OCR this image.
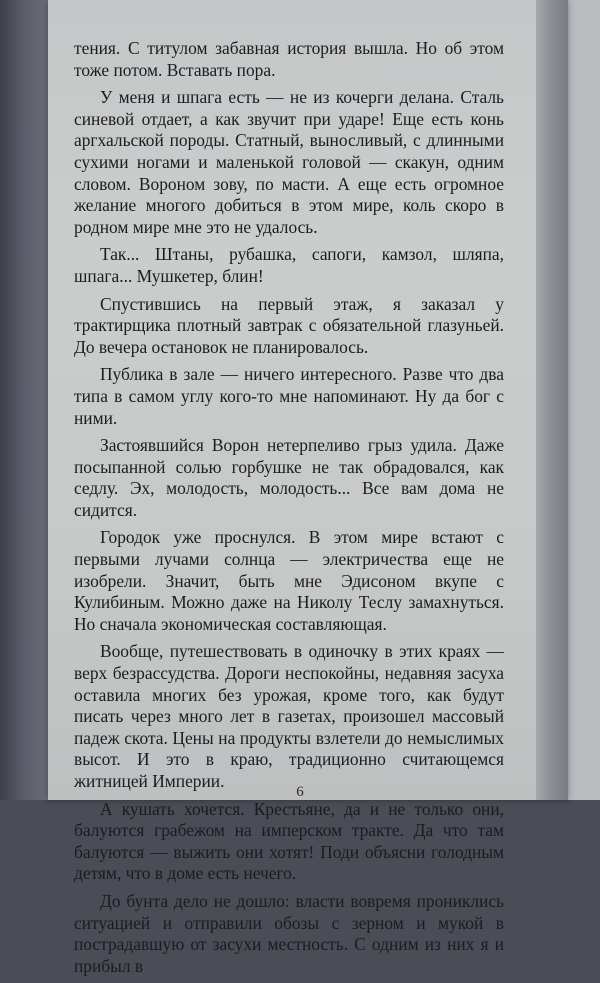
тения. С титулом забавная история вышла. Но об этом тоже потом. Вставать пора.

У меня и шпага есть — не из кочерги делана. Сталь синевой отдает, а как звучит при ударе! Еще есть конь аргхальской породы. Статный, выносливый, с длинными сухими ногами и маленькой головой — скакун, одним словом. Вороном зову, по масти. А еще есть огромное желание многого добиться в этом мире, коль скоро в родном мире мне это не удалось.

Так... Штаны, рубашка, сапоги, камзол, шляпа, шпага... Мушкетер, блин!

Спустившись на первый этаж, я заказал у трактирщика плотный завтрак с обязательной глазуньей. До вечера остановок не планировалось.

Публика в зале — ничего интересного. Разве что два типа в самом углу кого-то мне напоминают. Ну да бог с ними.

Застоявшийся Ворон нетерпеливо грыз удила. Даже посыпанной солью горбушке не так обрадовался, как седлу. Эх, молодость, молодость... Все вам дома не сидится.

Городок уже проснулся. В этом мире встают с первыми лучами солнца — электричества еще не изобрели. Значит, быть мне Эдисоном вкупе с Кулибиным. Можно даже на Николу Теслу замахнуться. Но сначала экономическая составляющая.

Вообще, путешествовать в одиночку в этих краях — верх безрассудства. Дороги неспокойны, недавняя засуха оставила многих без урожая, кроме того, как будут писать через много лет в газетах, произошел массовый падеж скота. Цены на продукты взлетели до немыслимых высот. И это в краю, традиционно считающемся житницей Империи.

А кушать хочется. Крестьяне, да и не только они, балуются грабежом на имперском тракте. Да что там балуются — выжить они хотят! Поди объясни голодным детям, что в доме есть нечего.

До бунта дело не дошло: власти вовремя прониклись ситуацией и отправили обозы с зерном и мукой в пострадавшую от засухи местность. С одним из них я и прибыл в

6
